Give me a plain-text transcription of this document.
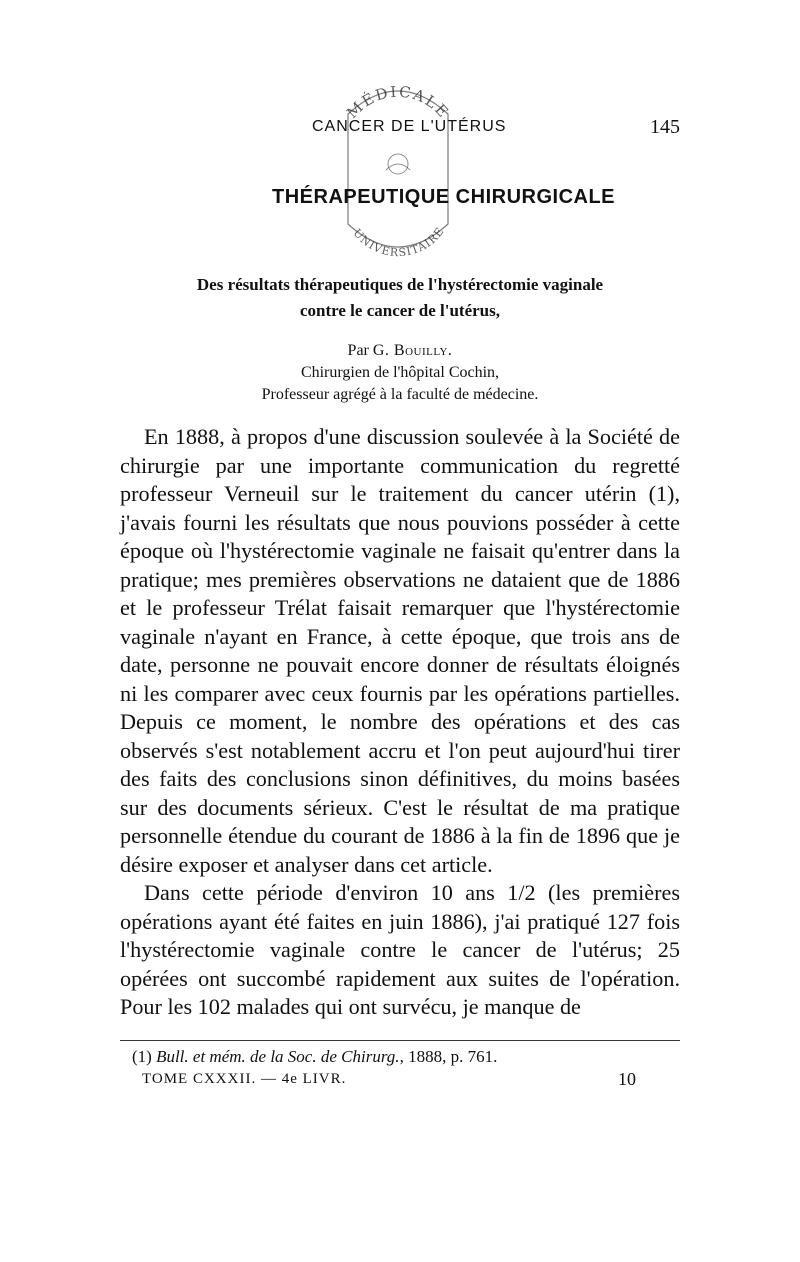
CANCER DE L'UTÉRUS	145
MÉDICALE
UNIVERSITAIRE
THÉRAPEUTIQUE CHIRURGICALE
Des résultats thérapeutiques de l'hystérectomie vaginale
contre le cancer de l'utérus,
Par G. Bouilly.
Chirurgien de l'hôpital Cochin,
Professeur agrégé à la faculté de médecine.

En 1888, à propos d'une discussion soulevée à la Société de chirurgie par une importante communication du regretté professeur Verneuil sur le traitement du cancer utérin (1), j'avais fourni les résultats que nous pouvions posséder à cette époque où l'hystérectomie vaginale ne faisait qu'entrer dans la pratique; mes premières observations ne dataient que de 1886 et le professeur Trélat faisait remarquer que l'hystérectomie vaginale n'ayant en France, à cette époque, que trois ans de date, personne ne pouvait encore donner de résultats éloignés ni les comparer avec ceux fournis par les opérations partielles. Depuis ce moment, le nombre des opérations et des cas observés s'est notablement accru et l'on peut aujourd'hui tirer des faits des conclusions sinon définitives, du moins basées sur des documents sérieux. C'est le résultat de ma pratique personnelle étendue du courant de 1886 à la fin de 1896 que je désire exposer et analyser dans cet article.

Dans cette période d'environ 10 ans 1/2 (les premières opérations ayant été faites en juin 1886), j'ai pratiqué 127 fois l'hystérectomie vaginale contre le cancer de l'utérus; 25 opérées ont succombé rapidement aux suites de l'opération. Pour les 102 malades qui ont survécu, je manque de

(1) Bull. et mém. de la Soc. de Chirurg., 1888, p. 761.
TOME CXXXII. — 4e LIVR.	10
